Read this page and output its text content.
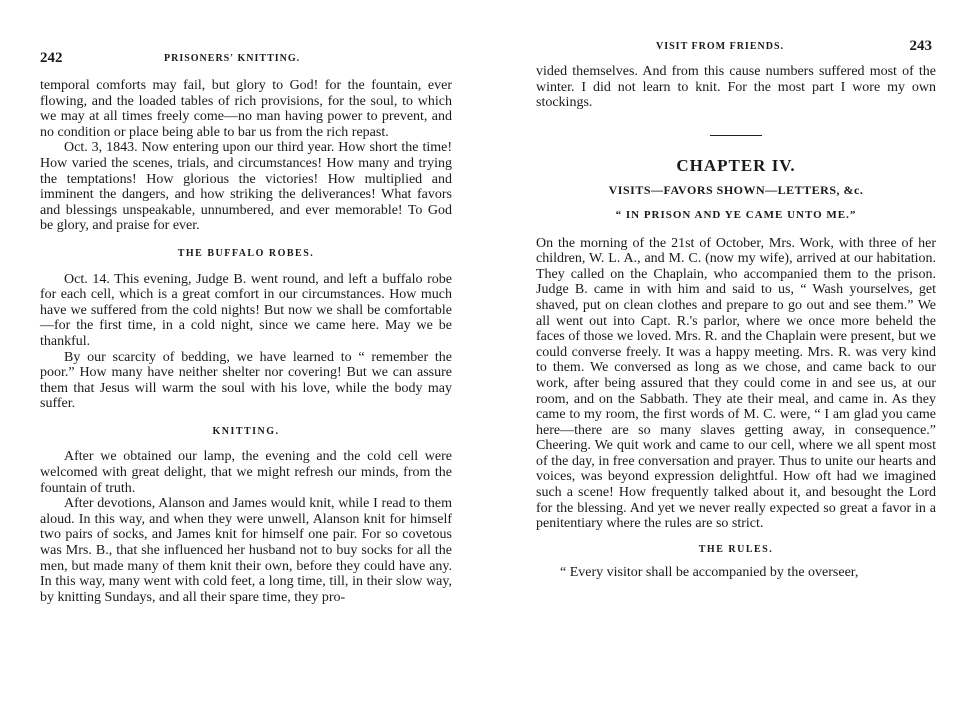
242	PRISONERS' KNITTING.

temporal comforts may fail, but glory to God! for the fountain, ever flowing, and the loaded tables of rich provisions, for the soul, to which we may at all times freely come—no man having power to prevent, and no condition or place being able to bar us from the rich repast.

Oct. 3, 1843. Now entering upon our third year. How short the time! How varied the scenes, trials, and circumstances! How many and trying the temptations! How glorious the victories! How multiplied and imminent the dangers, and how striking the deliverances! What favors and blessings unspeakable, unnumbered, and ever memorable! To God be glory, and praise for ever.

THE BUFFALO ROBES.

Oct. 14. This evening, Judge B. went round, and left a buffalo robe for each cell, which is a great comfort in our circumstances. How much have we suffered from the cold nights! But now we shall be comfortable—for the first time, in a cold night, since we came here. May we be thankful.

By our scarcity of bedding, we have learned to “ remember the poor.” How many have neither shelter nor covering! But we can assure them that Jesus will warm the soul with his love, while the body may suffer.

KNITTING.

After we obtained our lamp, the evening and the cold cell were welcomed with great delight, that we might refresh our minds, from the fountain of truth.

After devotions, Alanson and James would knit, while I read to them aloud. In this way, and when they were unwell, Alanson knit for himself two pairs of socks, and James knit for himself one pair. For so covetous was Mrs. B., that she influenced her husband not to buy socks for all the men, but made many of them knit their own, before they could have any. In this way, many went with cold feet, a long time, till, in their slow way, by knitting Sundays, and all their spare time, they pro-

VISIT FROM FRIENDS.	243

vided themselves. And from this cause numbers suffered most of the winter. I did not learn to knit. For the most part I wore my own stockings.

CHAPTER IV.

VISITS—FAVORS SHOWN—LETTERS, &c.

“ IN PRISON AND YE CAME UNTO ME.”

On the morning of the 21st of October, Mrs. Work, with three of her children, W. L. A., and M. C. (now my wife), arrived at our habitation. They called on the Chaplain, who accompanied them to the prison. Judge B. came in with him and said to us, “ Wash yourselves, get shaved, put on clean clothes and prepare to go out and see them.” We all went out into Capt. R.'s parlor, where we once more beheld the faces of those we loved. Mrs. R. and the Chaplain were present, but we could converse freely. It was a happy meeting. Mrs. R. was very kind to them. We conversed as long as we chose, and came back to our work, after being assured that they could come in and see us, at our room, and on the Sabbath. They ate their meal, and came in. As they came to my room, the first words of M. C. were, “ I am glad you came here—there are so many slaves getting away, in consequence.” Cheering. We quit work and came to our cell, where we all spent most of the day, in free conversation and prayer. Thus to unite our hearts and voices, was beyond expression delightful. How oft had we imagined such a scene! How frequently talked about it, and besought the Lord for the blessing. And yet we never really expected so great a favor in a penitentiary where the rules are so strict.

THE RULES.

“ Every visitor shall be accompanied by the overseer,
